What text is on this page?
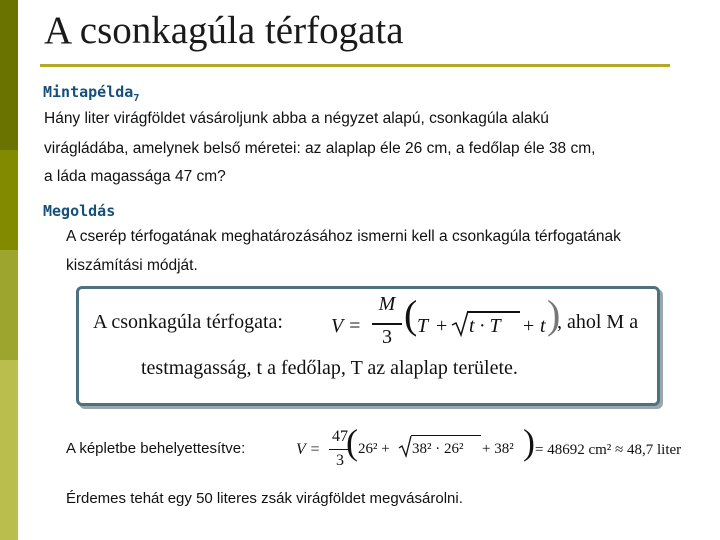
A csonkagúla térfogata
Mintapélda$_7$
Hány liter virágföldet vásároljunk abba a négyzet alapú, csonkagúla alakú
virágládába, amelynek belső méretei: az alaplap éle 26 cm, a fedőlap éle 38 cm,
a láda magassága 47 cm?
Megoldás
A cserép térfogatának meghatározásához ismerni kell a csonkagúla térfogatának
kiszámítási módját.
A csonkagúla térfogata: V =
M
3 ( T + t · T + t )
, ahol M a
testmagasság, t a fedőlap, T az alaplap területe.
A képletbe behelyettesítve:	V =
47
3 ( 26² + 38² · 26² + 38² ) = 48692 cm² ≈ 48,7 liter
Érdemes tehát egy 50 literes zsák virágföldet megvásárolni.
